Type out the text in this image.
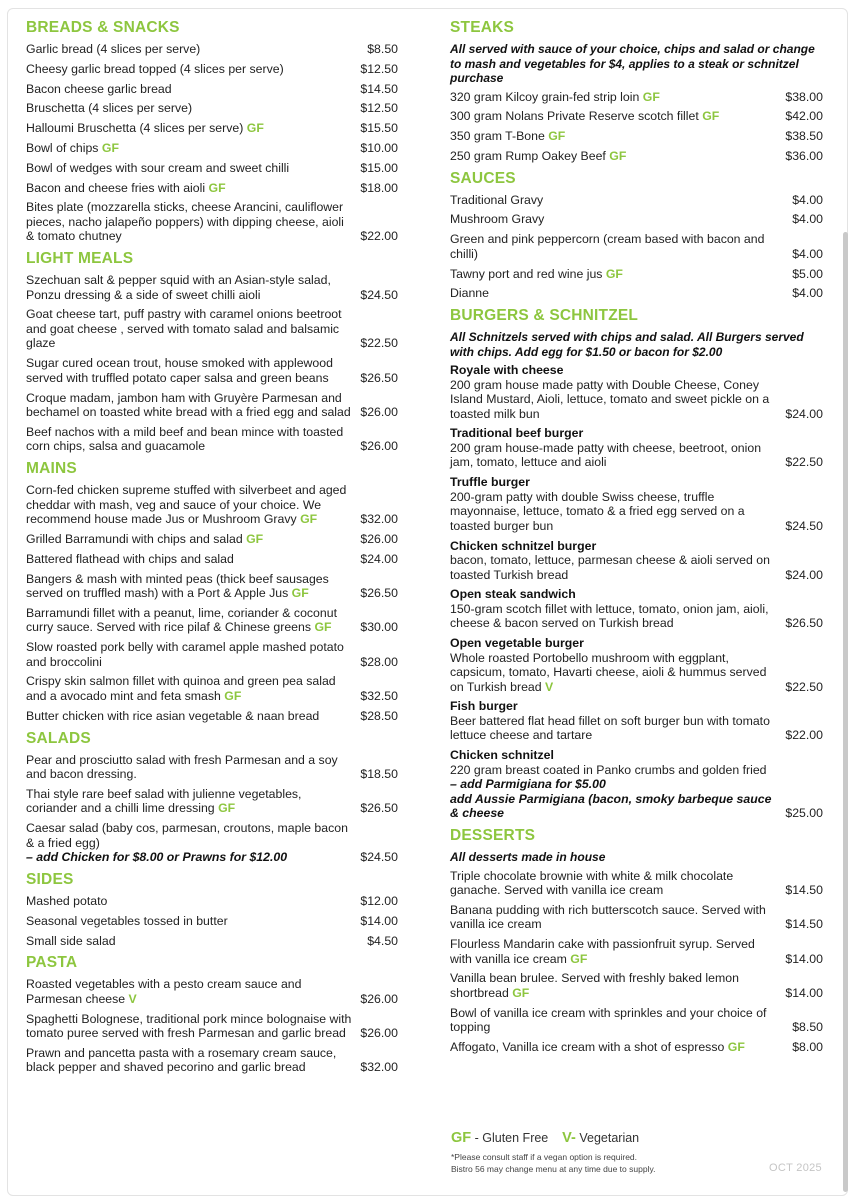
BREADS & SNACKS
Garlic bread (4 slices per serve)	$8.50
Cheesy garlic bread topped (4 slices per serve)	$12.50
Bacon cheese garlic bread	$14.50
Bruschetta (4 slices per serve)	$12.50
Halloumi Bruschetta (4 slices per serve) GF	$15.50
Bowl of chips GF	$10.00
Bowl of wedges with sour cream and sweet chilli	$15.00
Bacon and cheese fries with aioli GF	$18.00
Bites plate (mozzarella sticks, cheese Arancini, cauliflower pieces, nacho jalapeño poppers) with dipping cheese, aioli & tomato chutney	$22.00
LIGHT MEALS
Szechuan salt & pepper squid with an Asian-style salad, Ponzu dressing & a side of sweet chilli aioli	$24.50
Goat cheese tart, puff pastry with caramel onions beetroot and goat cheese , served with tomato salad and balsamic glaze	$22.50
Sugar cured ocean trout, house smoked with applewood served with truffled potato caper salsa and green beans	$26.50
Croque madam, jambon ham with Gruyère Parmesan and bechamel on toasted white bread with a fried egg and salad $26.00
Beef nachos with a mild beef and bean mince with toasted corn chips, salsa and guacamole	$26.00
MAINS
Corn-fed chicken supreme stuffed with silverbeet and aged cheddar with mash, veg and sauce of your choice. We recommend house made Jus or Mushroom Gravy GF	$32.00
Grilled Barramundi with chips and salad GF	$26.00
Battered flathead with chips and salad	$24.00
Bangers & mash with minted peas (thick beef sausages served on truffled mash) with a Port & Apple Jus GF	$26.50
Barramundi fillet with a peanut, lime, coriander & coconut curry sauce. Served with rice pilaf & Chinese greens GF	$30.00
Slow roasted pork belly with caramel apple mashed potato and broccolini	$28.00
Crispy skin salmon fillet with quinoa and green pea salad and a avocado mint and feta smash GF	$32.50
Butter chicken with rice asian vegetable & naan bread	$28.50
SALADS
Pear and prosciutto salad with fresh Parmesan and a soy and bacon dressing.	$18.50
Thai style rare beef salad with julienne vegetables, coriander and a chilli lime dressing GF	$26.50
Caesar salad (baby cos, parmesan, croutons, maple bacon & a fried egg)
– add Chicken for $8.00 or Prawns for $12.00	$24.50
SIDES
Mashed potato	$12.00
Seasonal vegetables tossed in butter	$14.00
Small side salad	$4.50
PASTA
Roasted vegetables with a pesto cream sauce and Parmesan cheese V	$26.00
Spaghetti Bolognese, traditional pork mince bolognaise with tomato puree served with fresh Parmesan and garlic bread	$26.00
Prawn and pancetta pasta with a rosemary cream sauce, black pepper and shaved pecorino and garlic bread	$32.00
STEAKS
All served with sauce of your choice, chips and salad or change to mash and vegetables for $4, applies to a steak or schnitzel purchase
320 gram Kilcoy grain-fed strip loin GF	$38.00
300 gram Nolans Private Reserve scotch fillet GF	$42.00
350 gram T-Bone GF	$38.50
250 gram Rump Oakey Beef GF	$36.00
SAUCES
Traditional Gravy	$4.00
Mushroom Gravy	$4.00
Green and pink peppercorn (cream based with bacon and chilli)	$4.00
Tawny port and red wine jus GF	$5.00
Dianne	$4.00
BURGERS & SCHNITZEL
All Schnitzels served with chips and salad. All Burgers served with chips. Add egg for $1.50 or bacon for $2.00
Royale with cheese
200 gram house made patty with Double Cheese, Coney Island Mustard, Aioli, lettuce, tomato and sweet pickle on a toasted milk bun	$24.00
Traditional beef burger
200 gram house-made patty with cheese, beetroot, onion jam, tomato, lettuce and aioli	$22.50
Truffle burger
200-gram patty with double Swiss cheese, truffle mayonnaise, lettuce, tomato & a fried egg served on a toasted burger bun	$24.50
Chicken schnitzel burger
bacon, tomato, lettuce, parmesan cheese & aioli served on toasted Turkish bread	$24.00
Open steak sandwich
150-gram scotch fillet with lettuce, tomato, onion jam, aioli, cheese & bacon served on Turkish bread	$26.50
Open vegetable burger
Whole roasted Portobello mushroom with eggplant, capsicum, tomato, Havarti cheese, aioli & hummus served on Turkish bread V	$22.50
Fish burger
Beer battered flat head fillet on soft burger bun with tomato lettuce cheese and tartare	$22.00
Chicken schnitzel
220 gram breast coated in Panko crumbs and golden fried
– add Parmigiana for $5.00
add Aussie Parmigiana (bacon, smoky barbeque sauce & cheese	$25.00
DESSERTS
All desserts made in house
Triple chocolate brownie with white & milk chocolate ganache. Served with vanilla ice cream	$14.50
Banana pudding with rich butterscotch sauce. Served with vanilla ice cream	$14.50
Flourless Mandarin cake with passionfruit syrup. Served with vanilla ice cream GF	$14.00
Vanilla bean brulee. Served with freshly baked lemon shortbread GF	$14.00
Bowl of vanilla ice cream with sprinkles and your choice of topping	$8.50
Affogato, Vanilla ice cream with a shot of espresso GF	$8.00
GF - Gluten Free V- Vegetarian
*Please consult staff if a vegan option is required.
Bistro 56 may change menu at any time due to supply.	OCT 2025
